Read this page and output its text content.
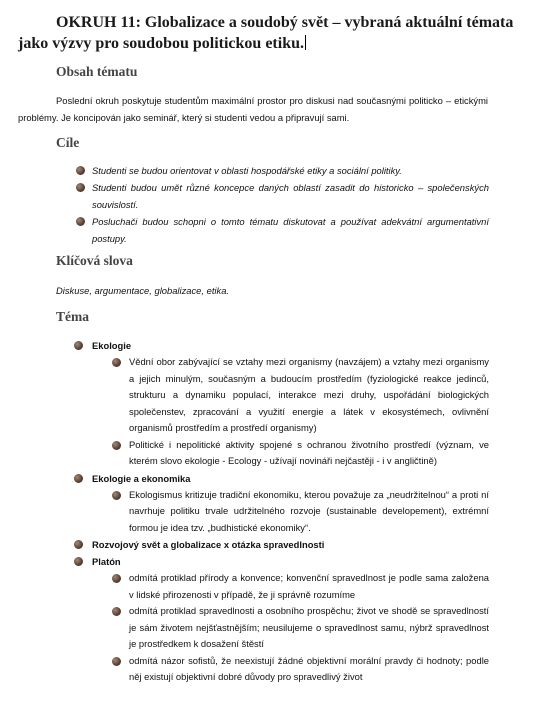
OKRUH 11: Globalizace a soudobý svět – vybraná aktuální témata jako výzvy pro soudobou politickou etiku.
Obsah tématu

Poslední okruh poskytuje studentům maximální prostor pro diskusi nad současnými politicko – etickými problémy. Je koncipován jako seminář, který si studenti vedou a připravují sami.

Cíle
Studenti se budou orientovat v oblasti hospodářské etiky a sociální politiky.
Studenti budou umět různé koncepce daných oblastí zasadit do historicko – společenských souvislostí.
Posluchači budou schopni o tomto tématu diskutovat a používat adekvátní argumentativní postupy.
Klíčová slova

Diskuse, argumentace, globalizace, etika.

Téma
Ekologie
Vědní obor zabývající se vztahy mezi organismy (navzájem) a vztahy mezi organismy a jejich minulým, současným a budoucím prostředím (fyziologické reakce jedinců, strukturu a dynamiku populací, interakce mezi druhy, uspořádání biologických společenstev, zpracování a využití energie a látek v ekosystémech, ovlivnění organismů prostředím a prostředí organismy)
Politické i nepolitické aktivity spojené s ochranou životního prostředí (význam, ve kterém slovo ekologie - Ecology - užívají novináři nejčastěji - i v angličtině)
Ekologie a ekonomika
Ekologismus kritizuje tradiční ekonomiku, kterou považuje za „neudržitelnou“ a proti ní navrhuje politiku trvale udržitelného rozvoje (sustainable developement), extrémní formou je idea tzv. „budhistické ekonomiky“.
Rozvojový svět a globalizace x otázka spravedlnosti
Platón
odmítá protiklad přírody a konvence; konvenční spravedlnost je podle sama založena v lidské přirozenosti v případě, že ji správně rozumíme
odmítá protiklad spravedlnosti a osobního prospěchu; život ve shodě se spravedlností je sám životem nejšťastnějším; neusilujeme o spravedlnost samu, nýbrž spravedlnost je prostředkem k dosažení štěstí
odmítá názor sofistů, že neexistují žádné objektivní morální pravdy či hodnoty; podle něj existují objektivní dobré důvody pro spravedlivý život
